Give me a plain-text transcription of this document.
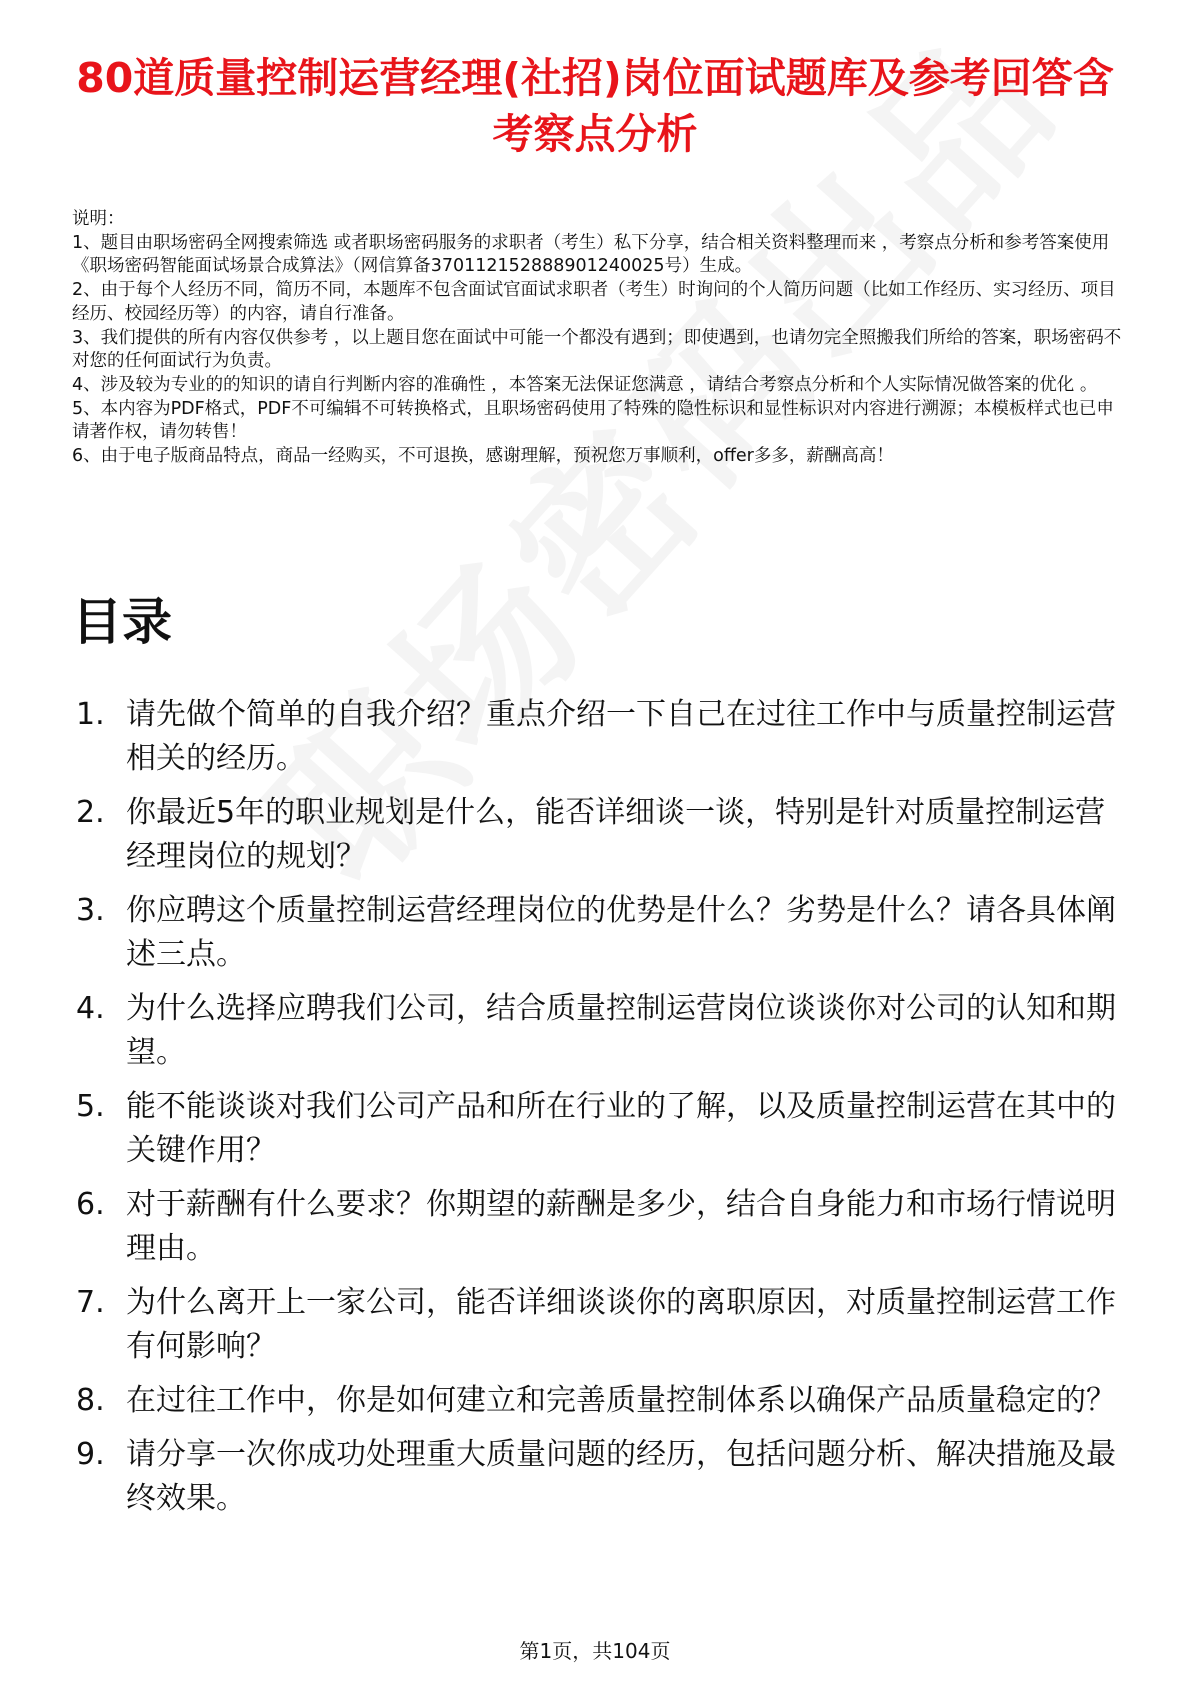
80道质量控制运营经理(社招)岗位面试题库及参考回答含考察点分析
说明：
1、题目由职场密码全网搜索筛选 或者职场密码服务的求职者（考生）私下分享，结合相关资料整理而来 ，考察点分析和参考答案使用《职场密码智能面试场景合成算法》（网信算备370112152888901240025号）生成。
2、由于每个人经历不同，简历不同，本题库不包含面试官面试求职者（考生）时询问的个人简历问题（比如工作经历、实习经历、项目经历、校园经历等）的内容，请自行准备。
3、我们提供的所有内容仅供参考 ，以上题目您在面试中可能一个都没有遇到；即使遇到，也请勿完全照搬我们所给的答案，职场密码不对您的任何面试行为负责。
4、涉及较为专业的的知识的请自行判断内容的准确性 ，本答案无法保证您满意 ，请结合考察点分析和个人实际情况做答案的优化 。
5、本内容为PDF格式，PDF不可编辑不可转换格式，且职场密码使用了特殊的隐性标识和显性标识对内容进行溯源；本模板样式也已申请著作权，请勿转售！
6、由于电子版商品特点，商品一经购买，不可退换，感谢理解，预祝您万事顺利，offer多多，薪酬高高！
目录
1. 请先做个简单的自我介绍？重点介绍一下自己在过往工作中与质量控制运营相关的经历。
2. 你最近5年的职业规划是什么，能否详细谈一谈，特别是针对质量控制运营经理岗位的规划？
3. 你应聘这个质量控制运营经理岗位的优势是什么？劣势是什么？请各具体阐述三点。
4. 为什么选择应聘我们公司，结合质量控制运营岗位谈谈你对公司的认知和期望。
5. 能不能谈谈对我们公司产品和所在行业的了解，以及质量控制运营在其中的关键作用？
6. 对于薪酬有什么要求？你期望的薪酬是多少，结合自身能力和市场行情说明理由。
7. 为什么离开上一家公司，能否详细谈谈你的离职原因，对质量控制运营工作有何影响？
8. 在过往工作中，你是如何建立和完善质量控制体系以确保产品质量稳定的？
9. 请分享一次你成功处理重大质量问题的经历，包括问题分析、解决措施及最终效果。
第1页，共104页
